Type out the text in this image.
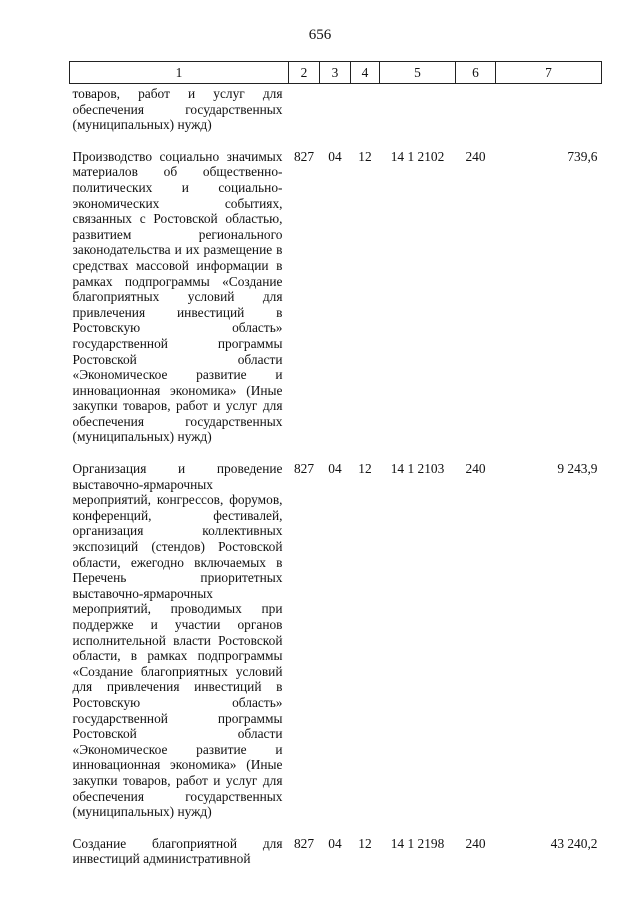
656
1	2	3	4	5	6	7
товаров, работ и услуг для обеспечения государственных (муниципальных) нужд)						
Производство социально значимых материалов об общественно-политических и социально-экономических событиях, связанных с Ростовской областью, развитием регионального законодательства и их размещение в средствах массовой информации в рамках подпрограммы «Создание благоприятных условий для привлечения инвестиций в Ростовскую область» государственной программы Ростовской области «Экономическое развитие и инновационная экономика» (Иные закупки товаров, работ и услуг для обеспечения государственных (муниципальных) нужд)	827	04	12	14 1 2102	240	739,6
Организация и проведение выставочно-ярмарочных мероприятий, конгрессов, форумов, конференций, фестивалей, организация коллективных экспозиций (стендов) Ростовской области, ежегодно включаемых в Перечень приоритетных выставочно-ярмарочных мероприятий, проводимых при поддержке и участии органов исполнительной власти Ростовской области, в рамках подпрограммы «Создание благоприятных условий для привлечения инвестиций в Ростовскую область» государственной программы Ростовской области «Экономическое развитие и инновационная экономика» (Иные закупки товаров, работ и услуг для обеспечения государственных (муниципальных) нужд)	827	04	12	14 1 2103	240	9 243,9
Создание благоприятной для инвестиций административной	827	04	12	14 1 2198	240	43 240,2
